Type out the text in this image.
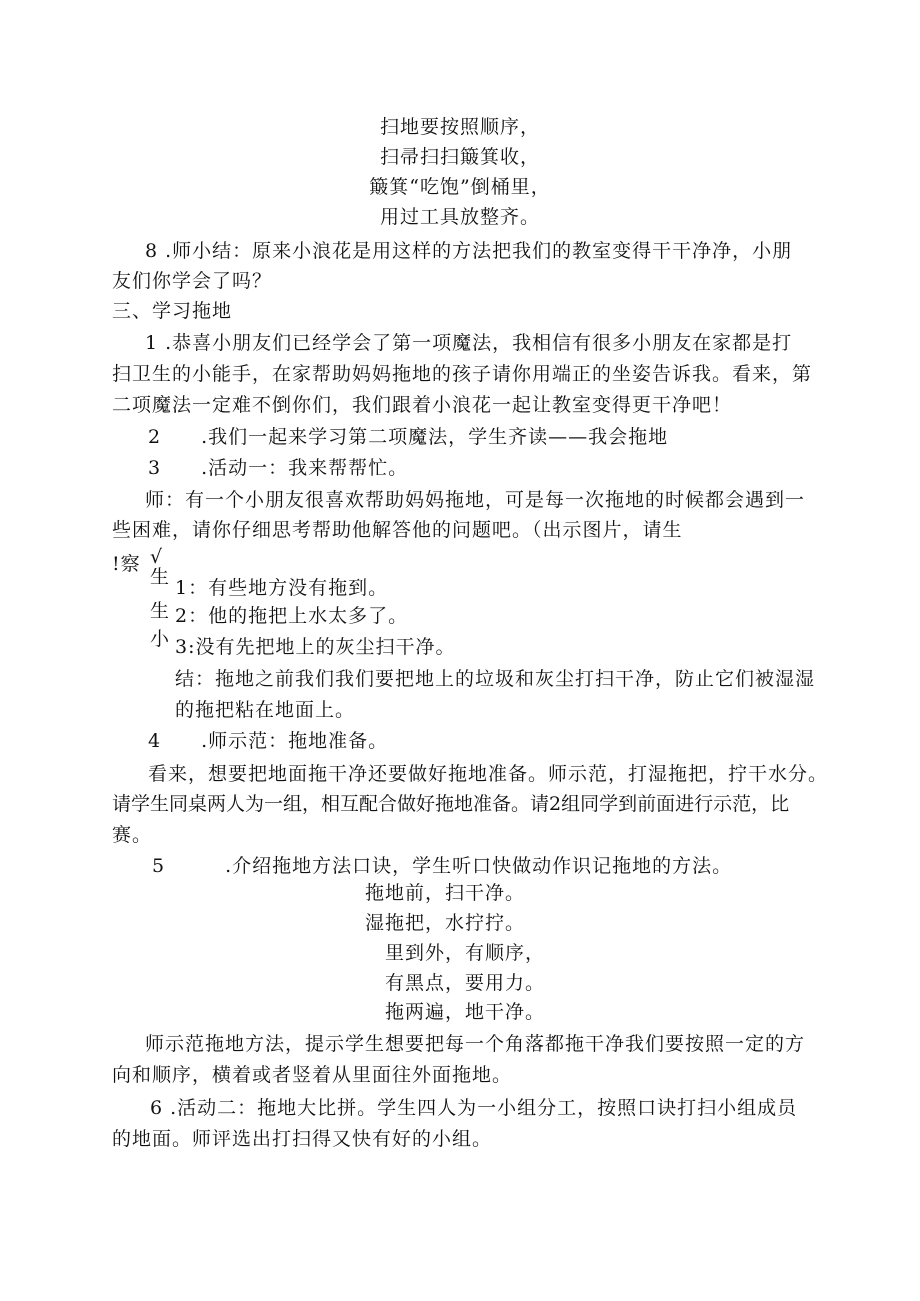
扫地要按照顺序，
扫帚扫扫簸箕收，
簸箕“吃饱”倒桶里，
用过工具放整齐。
8 .师小结：原来小浪花是用这样的方法把我们的教室变得干干净净，小朋
友们你学会了吗？
三、学习拖地
1 .恭喜小朋友们已经学会了第一项魔法，我相信有很多小朋友在家都是打
扫卫生的小能手，在家帮助妈妈拖地的孩子请你用端正的坐姿告诉我。看来，第
二项魔法一定难不倒你们，我们跟着小浪花一起让教室变得更干净吧！
2　　.我们一起来学习第二项魔法，学生齐读——我会拖地
3　　.活动一：我来帮帮忙。
师：有一个小朋友很喜欢帮助妈妈拖地，可是每一次拖地的时候都会遇到一
些困难，请你仔细思考帮助他解答他的问题吧。（出示图片，请生
!察 √
生
生
小
1：有些地方没有拖到。
2：他的拖把上水太多了。
3:没有先把地上的灰尘扫干净。
结：拖地之前我们我们要把地上的垃圾和灰尘打扫干净，防止它们被湿湿
的拖把粘在地面上。
4　　.师示范：拖地准备。
看来，想要把地面拖干净还要做好拖地准备。师示范，打湿拖把，拧干水分。
请学生同桌两人为一组，相互配合做好拖地准备。请2组同学到前面进行示范，比
赛。
5　　　.介绍拖地方法口诀，学生听口快做动作识记拖地的方法。
拖地前，扫干净。
湿拖把，水拧拧。
里到外，有顺序，
有黑点，要用力。
拖两遍，地干净。
师示范拖地方法，提示学生想要把每一个角落都拖干净我们要按照一定的方
向和顺序，横着或者竖着从里面往外面拖地。
6 .活动二：拖地大比拼。学生四人为一小组分工，按照口诀打扫小组成员
的地面。师评选出打扫得又快有好的小组。
